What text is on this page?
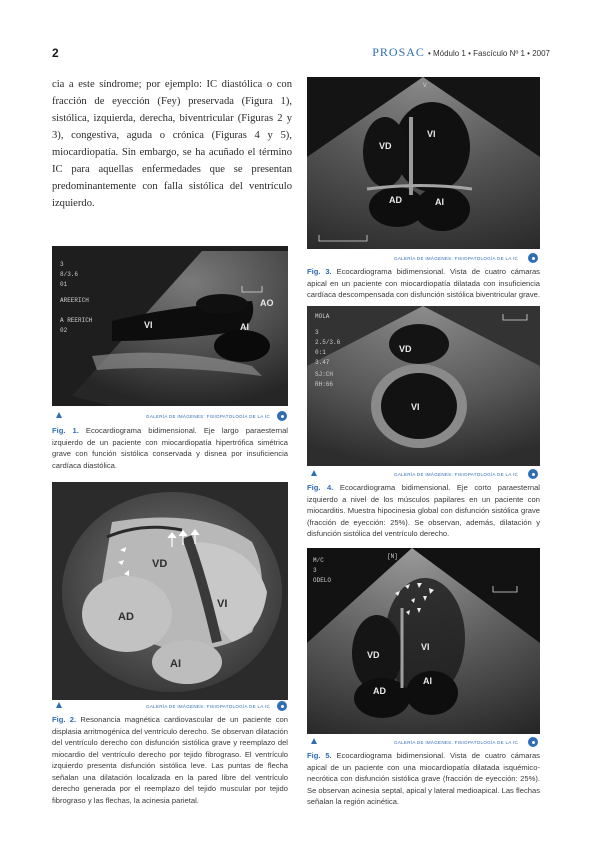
2	PROSAC • Módulo 1 • Fascículo Nº 1 • 2007
cia a este síndrome; por ejemplo: IC diastólica o con fracción de eyección (Fey) preservada (Figura 1), sistólica, izquierda, derecha, biventricular (Figuras 2 y 3), congestiva, aguda o crónica (Figuras 4 y 5), miocardiopatía. Sin embargo, se ha acuñado el término IC para aquellas enfermedades que se presentan predominantemente con falla sistólica del ventrículo izquierdo.
3
8/3.6
01
AREERICH
A REERICH
02
VI
AO
AI
GALERÍA DE IMÁGENES: FISIOPATOLOGÍA DE LA IC
Fig. 1. Ecocardiograma bidimensional. Eje largo paraesternal izquierdo de un paciente con miocardiopatía hipertrófica simétrica grave con función sistólica conservada y disnea por insuficiencia cardíaca diastólica.
VD
AD
VI
AI
GALERÍA DE IMÁGENES: FISIOPATOLOGÍA DE LA IC
Fig. 2. Resonancia magnética cardiovascular de un paciente con displasia arritmogénica del ventrículo derecho. Se observan dilatación del ventrículo derecho con disfunción sistólica grave y reemplazo del miocardio del ventrículo derecho por tejido fibrograso. El ventrículo izquierdo presenta disfunción sistólica leve. Las puntas de flecha señalan una dilatación localizada en la pared libre del ventrículo derecho generada por el reemplazo del tejido muscular por tejido fibrograso y las flechas, la acinesia parietal.
V
VD
VI
AD	AI
GALERÍA DE IMÁGENES: FISIOPATOLOGÍA DE LA IC
Fig. 3. Ecocardiograma bidimensional. Vista de cuatro cámaras apical en un paciente con miocardiopatía dilatada con insuficiencia cardíaca descompensada con disfunción sistólica biventricular grave.
MOLA
3
2.5/3.6
0:1
3.47
SJ:CH
RH:66
VD
VI
GALERÍA DE IMÁGENES: FISIOPATOLOGÍA DE LA IC
Fig. 4. Ecocardiograma bidimensional. Eje corto paraesternal izquierdo a nivel de los músculos papilares en un paciente con miocarditis. Muestra hipocinesia global con disfunción sistólica grave (fracción de eyección: 25%). Se observan, además, dilatación y disfunción sistólica del ventrículo derecho.
M/C
3
ODELO
[N]
VD
VI
AD
AI
GALERÍA DE IMÁGENES: FISIOPATOLOGÍA DE LA IC
Fig. 5. Ecocardiograma bidimensional. Vista de cuatro cámaras apical de un paciente con una miocardiopatía dilatada isquémico-necrótica con disfunción sistólica grave (fracción de eyección: 25%). Se observan acinesia septal, apical y lateral medioapical. Las flechas señalan la región acinética.
